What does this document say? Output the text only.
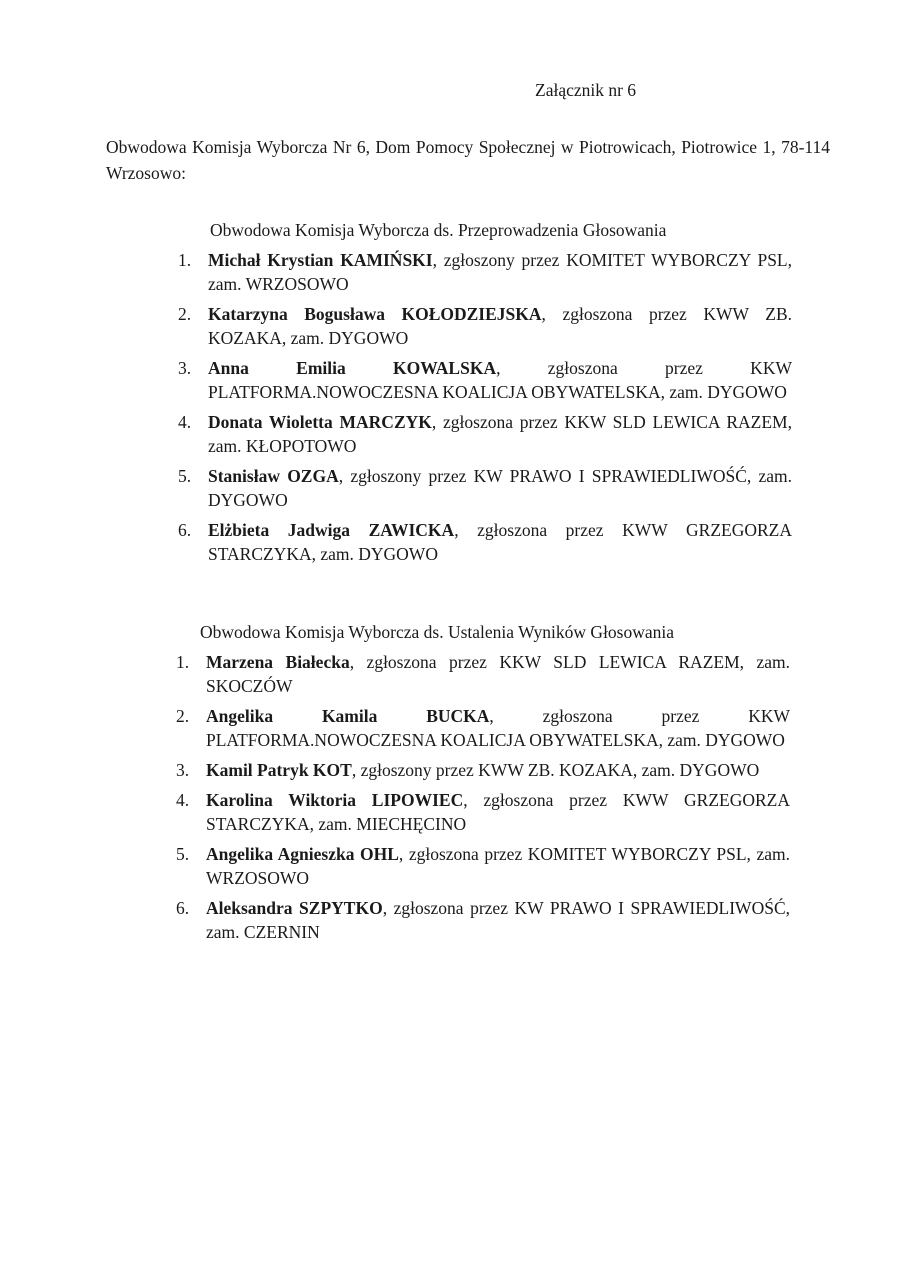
Załącznik nr 6
Obwodowa Komisja Wyborcza Nr 6, Dom Pomocy Społecznej w Piotrowicach, Piotrowice 1, 78-114 Wrzosowo:
Obwodowa Komisja Wyborcza ds. Przeprowadzenia Głosowania
1. Michał Krystian KAMIŃSKI, zgłoszony przez KOMITET WYBORCZY PSL, zam. WRZOSOWO
2. Katarzyna Bogusława KOŁODZIEJSKA, zgłoszona przez KWW ZB. KOZAKA, zam. DYGOWO
3. Anna Emilia KOWALSKA, zgłoszona przez KKW PLATFORMA.NOWOCZESNA KOALICJA OBYWATELSKA, zam. DYGOWO
4. Donata Wioletta MARCZYK, zgłoszona przez KKW SLD LEWICA RAZEM, zam. KŁOPOTOWO
5. Stanisław OZGA, zgłoszony przez KW PRAWO I SPRAWIEDLIWOŚĆ, zam. DYGOWO
6. Elżbieta Jadwiga ZAWICKA, zgłoszona przez KWW GRZEGORZA STARCZYKA, zam. DYGOWO
Obwodowa Komisja Wyborcza ds. Ustalenia Wyników Głosowania
1. Marzena Białecka, zgłoszona przez KKW SLD LEWICA RAZEM, zam. SKOCZÓW
2. Angelika Kamila BUCKA, zgłoszona przez KKW PLATFORMA.NOWOCZESNA KOALICJA OBYWATELSKA, zam. DYGOWO
3. Kamil Patryk KOT, zgłoszony przez KWW ZB. KOZAKA, zam. DYGOWO
4. Karolina Wiktoria LIPOWIEC, zgłoszona przez KWW GRZEGORZA STARCZYKA, zam. MIECHĘCINO
5. Angelika Agnieszka OHL, zgłoszona przez KOMITET WYBORCZY PSL, zam. WRZOSOWO
6. Aleksandra SZPYTKO, zgłoszona przez KW PRAWO I SPRAWIEDLIWOŚĆ, zam. CZERNIN
